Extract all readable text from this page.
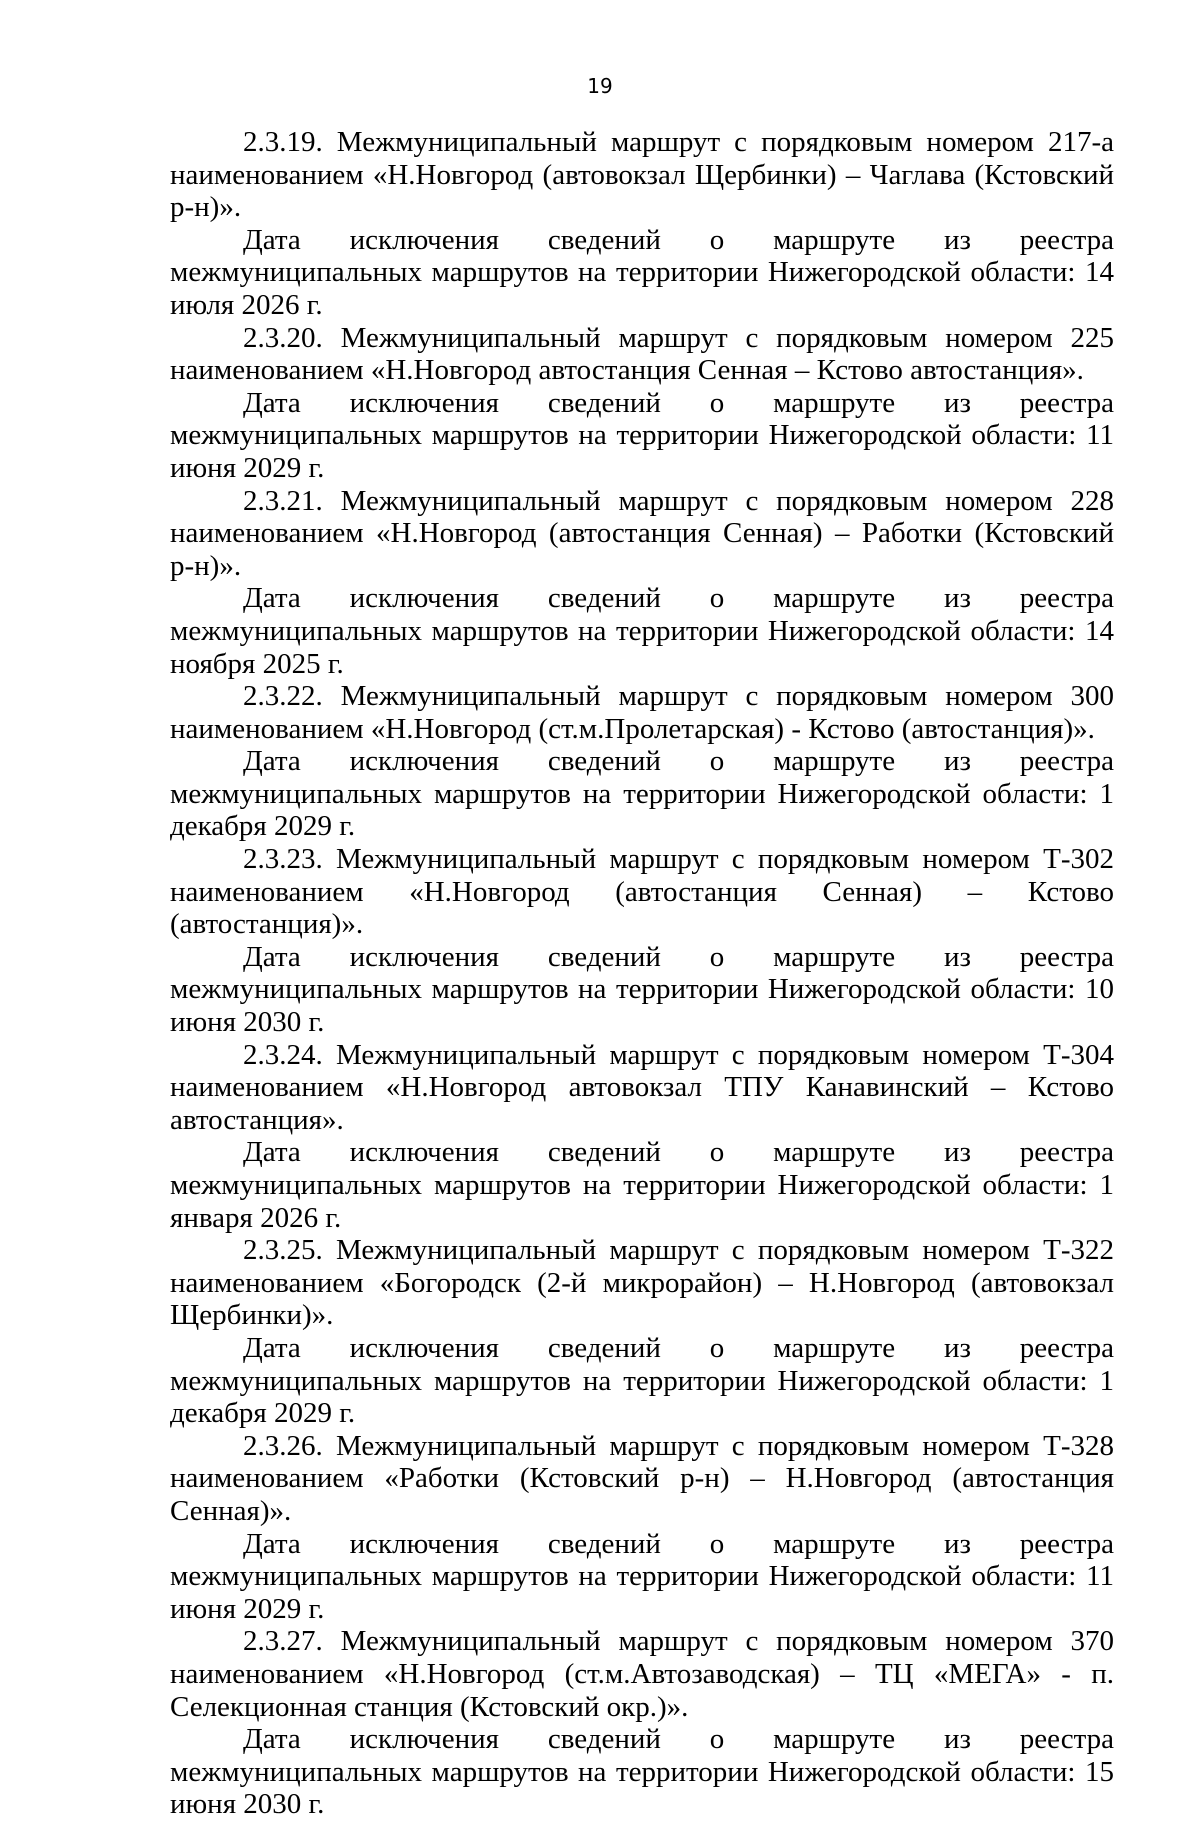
19

2.3.19. Межмуниципальный маршрут с порядковым номером 217-а наименованием «Н.Новгород (автовокзал Щербинки) – Чаглава (Кстовский р-н)».

Дата исключения сведений о маршруте из реестра межмуниципальных маршрутов на территории Нижегородской области: 14 июля 2026 г.

2.3.20. Межмуниципальный маршрут с порядковым номером 225 наименованием «Н.Новгород автостанция Сенная – Кстово автостанция».

Дата исключения сведений о маршруте из реестра межмуниципальных маршрутов на территории Нижегородской области: 11 июня 2029 г.

2.3.21. Межмуниципальный маршрут с порядковым номером 228 наименованием «Н.Новгород (автостанция Сенная) – Работки (Кстовский р-н)».

Дата исключения сведений о маршруте из реестра межмуниципальных маршрутов на территории Нижегородской области: 14 ноября 2025 г.

2.3.22. Межмуниципальный маршрут с порядковым номером 300 наименованием «Н.Новгород (ст.м.Пролетарская) - Кстово (автостанция)».

Дата исключения сведений о маршруте из реестра межмуниципальных маршрутов на территории Нижегородской области: 1 декабря 2029 г.

2.3.23. Межмуниципальный маршрут с порядковым номером Т-302 наименованием «Н.Новгород (автостанция Сенная) – Кстово (автостанция)».

Дата исключения сведений о маршруте из реестра межмуниципальных маршрутов на территории Нижегородской области: 10 июня 2030 г.

2.3.24. Межмуниципальный маршрут с порядковым номером Т-304 наименованием «Н.Новгород автовокзал ТПУ Канавинский – Кстово автостанция».

Дата исключения сведений о маршруте из реестра межмуниципальных маршрутов на территории Нижегородской области: 1 января 2026 г.

2.3.25. Межмуниципальный маршрут с порядковым номером Т-322 наименованием «Богородск (2-й микрорайон) – Н.Новгород (автовокзал Щербинки)».

Дата исключения сведений о маршруте из реестра межмуниципальных маршрутов на территории Нижегородской области: 1 декабря 2029 г.

2.3.26. Межмуниципальный маршрут с порядковым номером Т-328 наименованием «Работки (Кстовский р-н) – Н.Новгород (автостанция Сенная)».

Дата исключения сведений о маршруте из реестра межмуниципальных маршрутов на территории Нижегородской области: 11 июня 2029 г.

2.3.27. Межмуниципальный маршрут с порядковым номером 370 наименованием «Н.Новгород (ст.м.Автозаводская) – ТЦ «МЕГА» - п. Селекционная станция (Кстовский окр.)».

Дата исключения сведений о маршруте из реестра межмуниципальных маршрутов на территории Нижегородской области: 15 июня 2030 г.
